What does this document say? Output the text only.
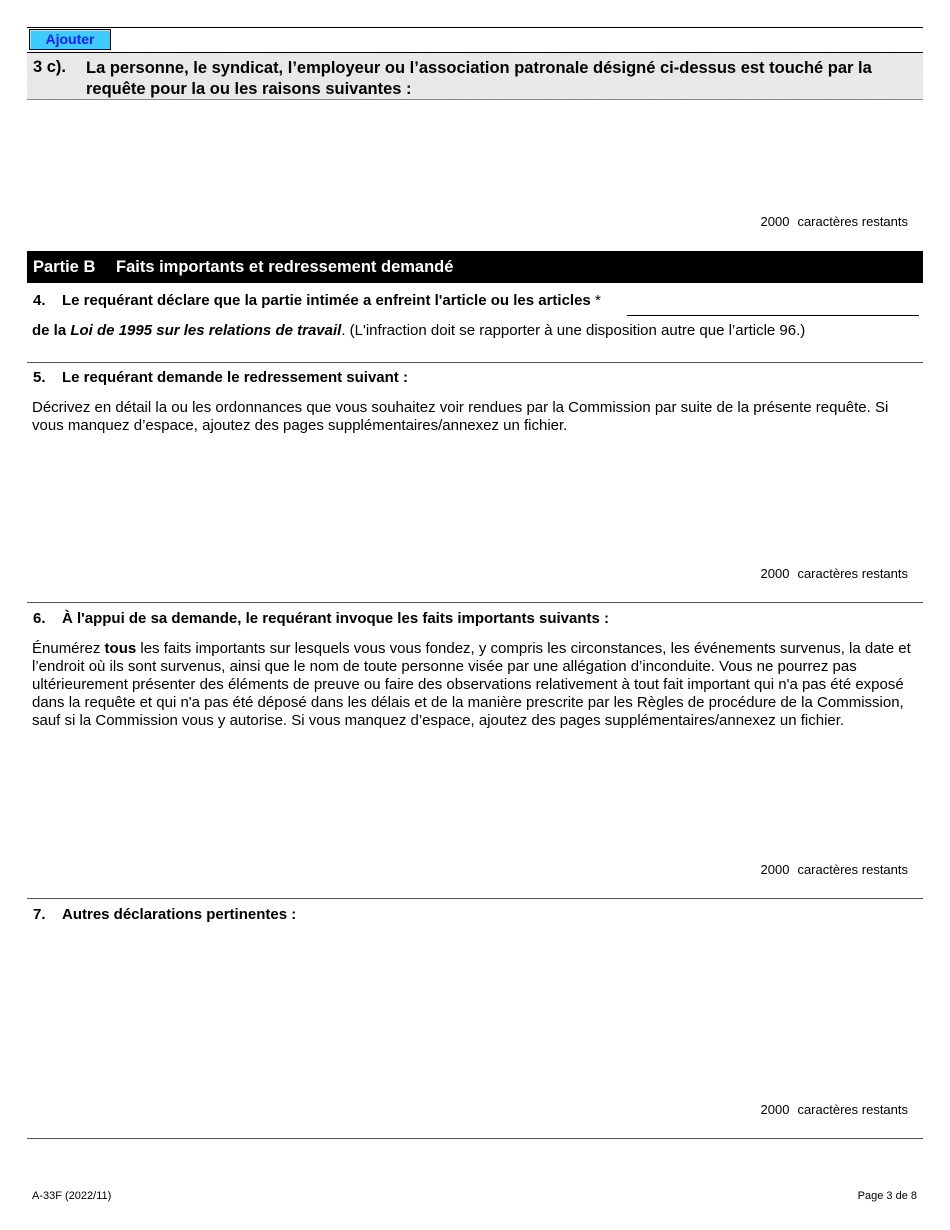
Ajouter
3 c). La personne, le syndicat, l’employeur ou l’association patronale désigné ci-dessus est touché par la requête pour la ou les raisons suivantes :
2000 caractères restants
Partie B Faits importants et redressement demandé
4. Le requérant déclare que la partie intimée a enfreint l'article ou les articles *
de la Loi de 1995 sur les relations de travail. (L'infraction doit se rapporter à une disposition autre que l’article 96.)
5. Le requérant demande le redressement suivant :
Décrivez en détail la ou les ordonnances que vous souhaitez voir rendues par la Commission par suite de la présente requête. Si vous manquez d’espace, ajoutez des pages supplémentaires/annexez un fichier.
2000 caractères restants
6. À l'appui de sa demande, le requérant invoque les faits importants suivants :
Énumérez tous les faits importants sur lesquels vous vous fondez, y compris les circonstances, les événements survenus, la date et l’endroit où ils sont survenus, ainsi que le nom de toute personne visée par une allégation d’inconduite. Vous ne pourrez pas ultérieurement présenter des éléments de preuve ou faire des observations relativement à tout fait important qui n'a pas été exposé dans la requête et qui n'a pas été déposé dans les délais et de la manière prescrite par les Règles de procédure de la Commission, sauf si la Commission vous y autorise. Si vous manquez d’espace, ajoutez des pages supplémentaires/annexez un fichier.
2000 caractères restants
7. Autres déclarations pertinentes :
2000 caractères restants
A-33F (2022/11)	Page 3 de 8
